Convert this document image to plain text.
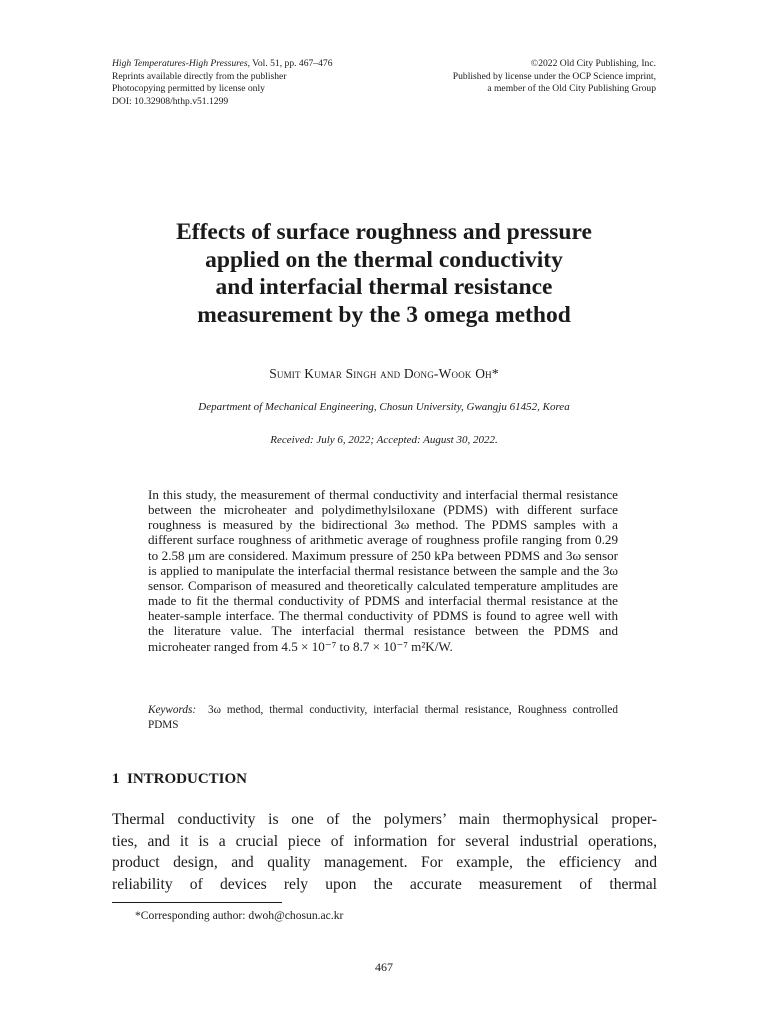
High Temperatures-High Pressures, Vol. 51, pp. 467–476
Reprints available directly from the publisher
Photocopying permitted by license only
DOI: 10.32908/hthp.v51.1299
©2022 Old City Publishing, Inc.
Published by license under the OCP Science imprint,
a member of the Old City Publishing Group
Effects of surface roughness and pressure
applied on the thermal conductivity
and interfacial thermal resistance
measurement by the 3 omega method
Sumit Kumar Singh and Dong-Wook Oh*
Department of Mechanical Engineering, Chosun University, Gwangju 61452, Korea
Received: July 6, 2022; Accepted: August 30, 2022.

In this study, the measurement of thermal conductivity and interfacial thermal resistance between the microheater and polydimethylsiloxane (PDMS) with different surface roughness is measured by the bidirectional 3ω method. The PDMS samples with a different surface roughness of arithmetic average of roughness profile ranging from 0.29 to 2.58 μm are considered. Maximum pressure of 250 kPa between PDMS and 3ω sensor is applied to manipulate the interfacial thermal resistance between the sample and the 3ω sensor. Comparison of measured and theoretically calculated temperature amplitudes are made to fit the thermal conductivity of PDMS and interfacial thermal resistance at the heater-sample interface. The thermal conductivity of PDMS is found to agree well with the literature value. The interfacial thermal resistance between the PDMS and microheater ranged from 4.5 × 10⁻⁷ to 8.7 × 10⁻⁷ m²K/W.

Keywords: 3ω method, thermal conductivity, interfacial thermal resistance, Roughness controlled PDMS

1 INTRODUCTION

Thermal conductivity is one of the polymers’ main thermophysical proper-
ties, and it is a crucial piece of information for several industrial operations,
product design, and quality management. For example, the efficiency and
reliability of devices rely upon the accurate measurement of thermal

*Corresponding author: dwoh@chosun.ac.kr
467
